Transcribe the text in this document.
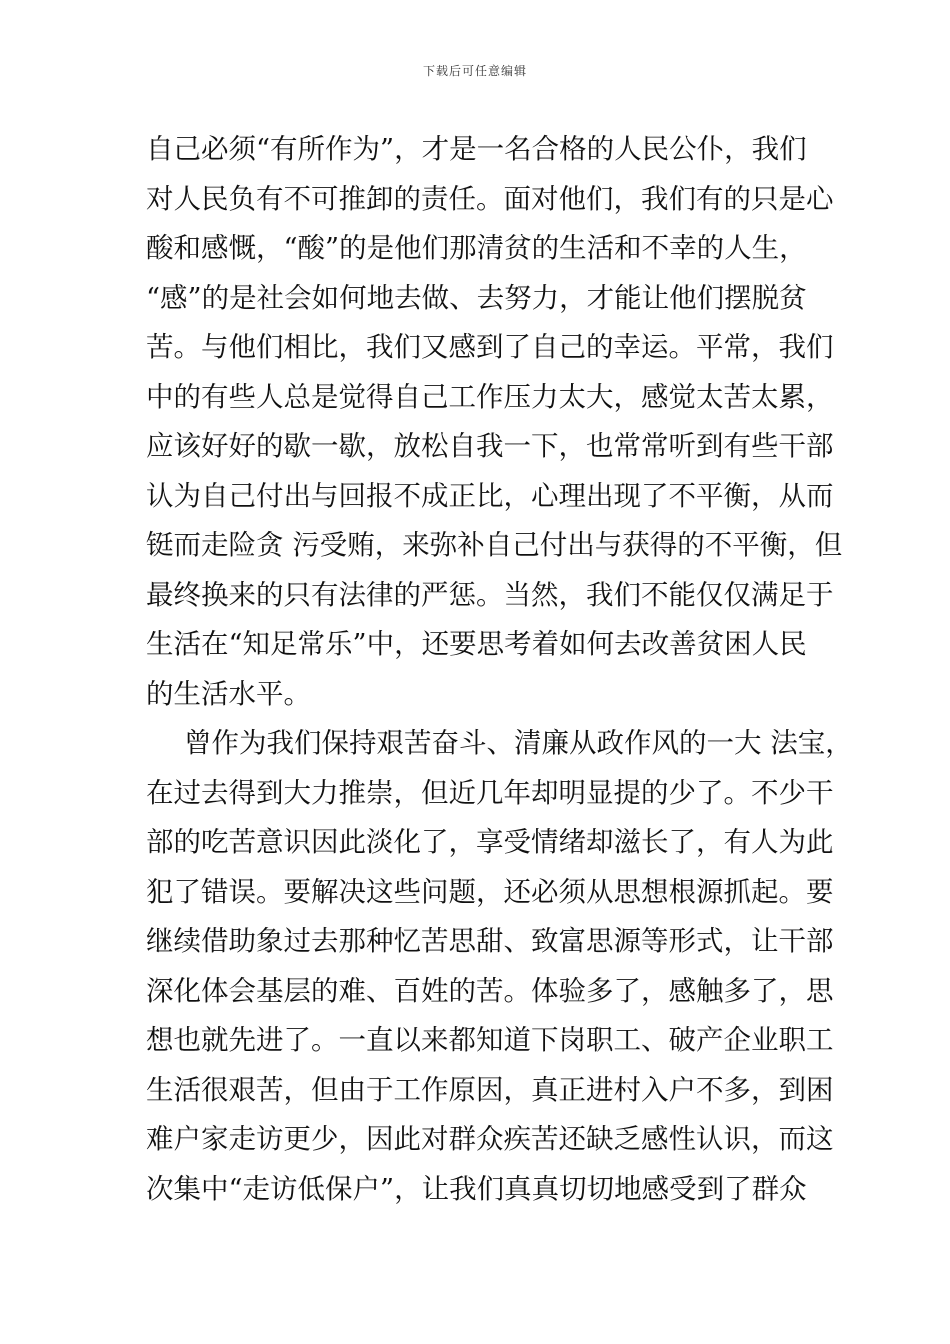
下载后可任意编辑
自己必须“有所作为”，才是一名合格的人民公仆，我们
对人民负有不可推卸的责任。面对他们，我们有的只是心
酸和感慨，“酸”的是他们那清贫的生活和不幸的人生，
“感”的是社会如何地去做、去努力，才能让他们摆脱贫
苦。与他们相比，我们又感到了自己的幸运。平常，我们
中的有些人总是觉得自己工作压力太大，感觉太苦太累，
应该好好的歇一歇，放松自我一下，也常常听到有些干部
认为自己付出与回报不成正比，心理出现了不平衡，从而
铤而走险贪 污受贿，来弥补自己付出与获得的不平衡，但
最终换来的只有法律的严惩。当然，我们不能仅仅满足于
生活在“知足常乐”中，还要思考着如何去改善贫困人民
的生活水平。
曾作为我们保持艰苦奋斗、清廉从政作风的一大 法宝，
在过去得到大力推崇，但近几年却明显提的少了。不少干
部的吃苦意识因此淡化了，享受情绪却滋长了，有人为此
犯了错误。要解决这些问题，还必须从思想根源抓起。要
继续借助象过去那种忆苦思甜、致富思源等形式，让干部
深化体会基层的难、百姓的苦。体验多了，感触多了，思
想也就先进了。一直以来都知道下岗职工、破产企业职工
生活很艰苦，但由于工作原因，真正进村入户不多，到困
难户家走访更少，因此对群众疾苦还缺乏感性认识，而这
次集中“走访低保户”，让我们真真切切地感受到了群众
